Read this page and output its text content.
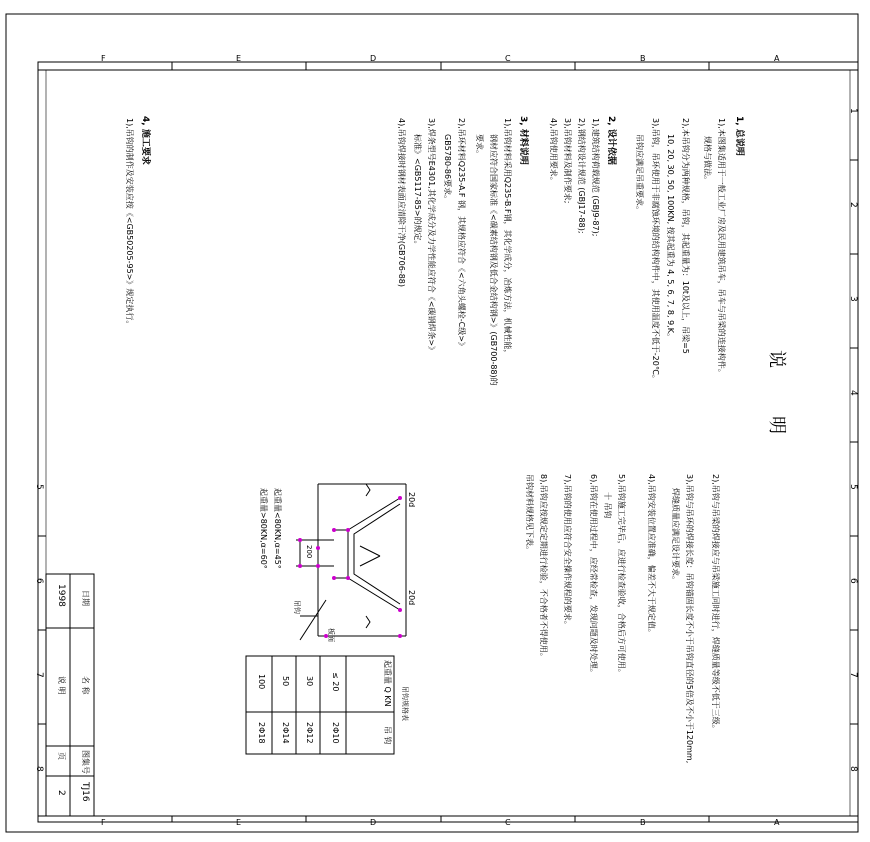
F	E	D	C	B	A
F	E	D	C	B	A
1
2
3
4
5
6
7
8
5
6
7
8
说　　明
1, 总说明
1),本图集适用于一般工业厂房及民用建筑吊车，吊车与吊梁的连接构件。
规格与做法。
2),本吊钩分为两种规格，吊钩，其起重量为：10t及以上，吊梁=5
10, 20, 30, 50, 100KN, 按其起重为 4, 5, 6, 7, 8, 9,K。
3),吊钩，吊环使用于非腐蚀环境的结构构件中，其使用温度不低于-20℃。
吊钩应满足吊重要求。
2, 设计依据
1),建筑结构荷载规范 (GBJ9-87);
2),钢结构设计规范 (GBJ17-88);
3),吊钩材料及制作要求;
4),吊钩使用要求。
3, 材料说明
1),吊钩材料采用Q235-B.F钢，其化学成分，冶炼方法，机械性能，
钢材应符合国家标准《<碳素结构钢及低合金结构钢>》(GB700-88)的
要求。
2),吊环材料Q235-A.F 钢，其规格应符合《<六角头螺栓-C级>》
GB5780-86要求。
3),焊条型号E4301,其化学成分及力学性能应符合《<碳钢焊条>》
标准》<GB5117-85>的规定。
4),吊钩焊接时钢材表面应清除干净(GB706-88)
4, 施工要求
1),吊钩的制作及安装应按《<GB50205-95>》规定执行。
2),吊钩与吊梁的焊接应与吊梁施工同时进行，焊缝质量等级不低于三级。
3),吊钩与吊环的焊接长度：吊钩锚固长度不小于吊钩直径的5倍及不小于120mm,
焊缝质量应满足设计要求。
4),吊钩安装位置应准确，偏差不大于规定值。
5),吊钩施工完毕后，应进行检查验收，合格后方可使用。
6),吊钩在使用过程中，应经常检查，发现问题及时处理。
7),吊钩的使用应符合安全操作规程的要求。
8),吊钩应按规定定期进行检验，不合格者不得使用。	十 吊钩
吊钩材料规格见下表。
20d
20d
200
吊钩
板面
起重量<80KN,α=45°
起重量>80KN,α=60°
吊钩规格表
起重量 Q KN
吊 钩
≤ 20
2Φ10
30
2Φ12
50
2Φ14
100
2Φ18
日期
1998
名 称
说 明
图集号
TJ16
页
2
